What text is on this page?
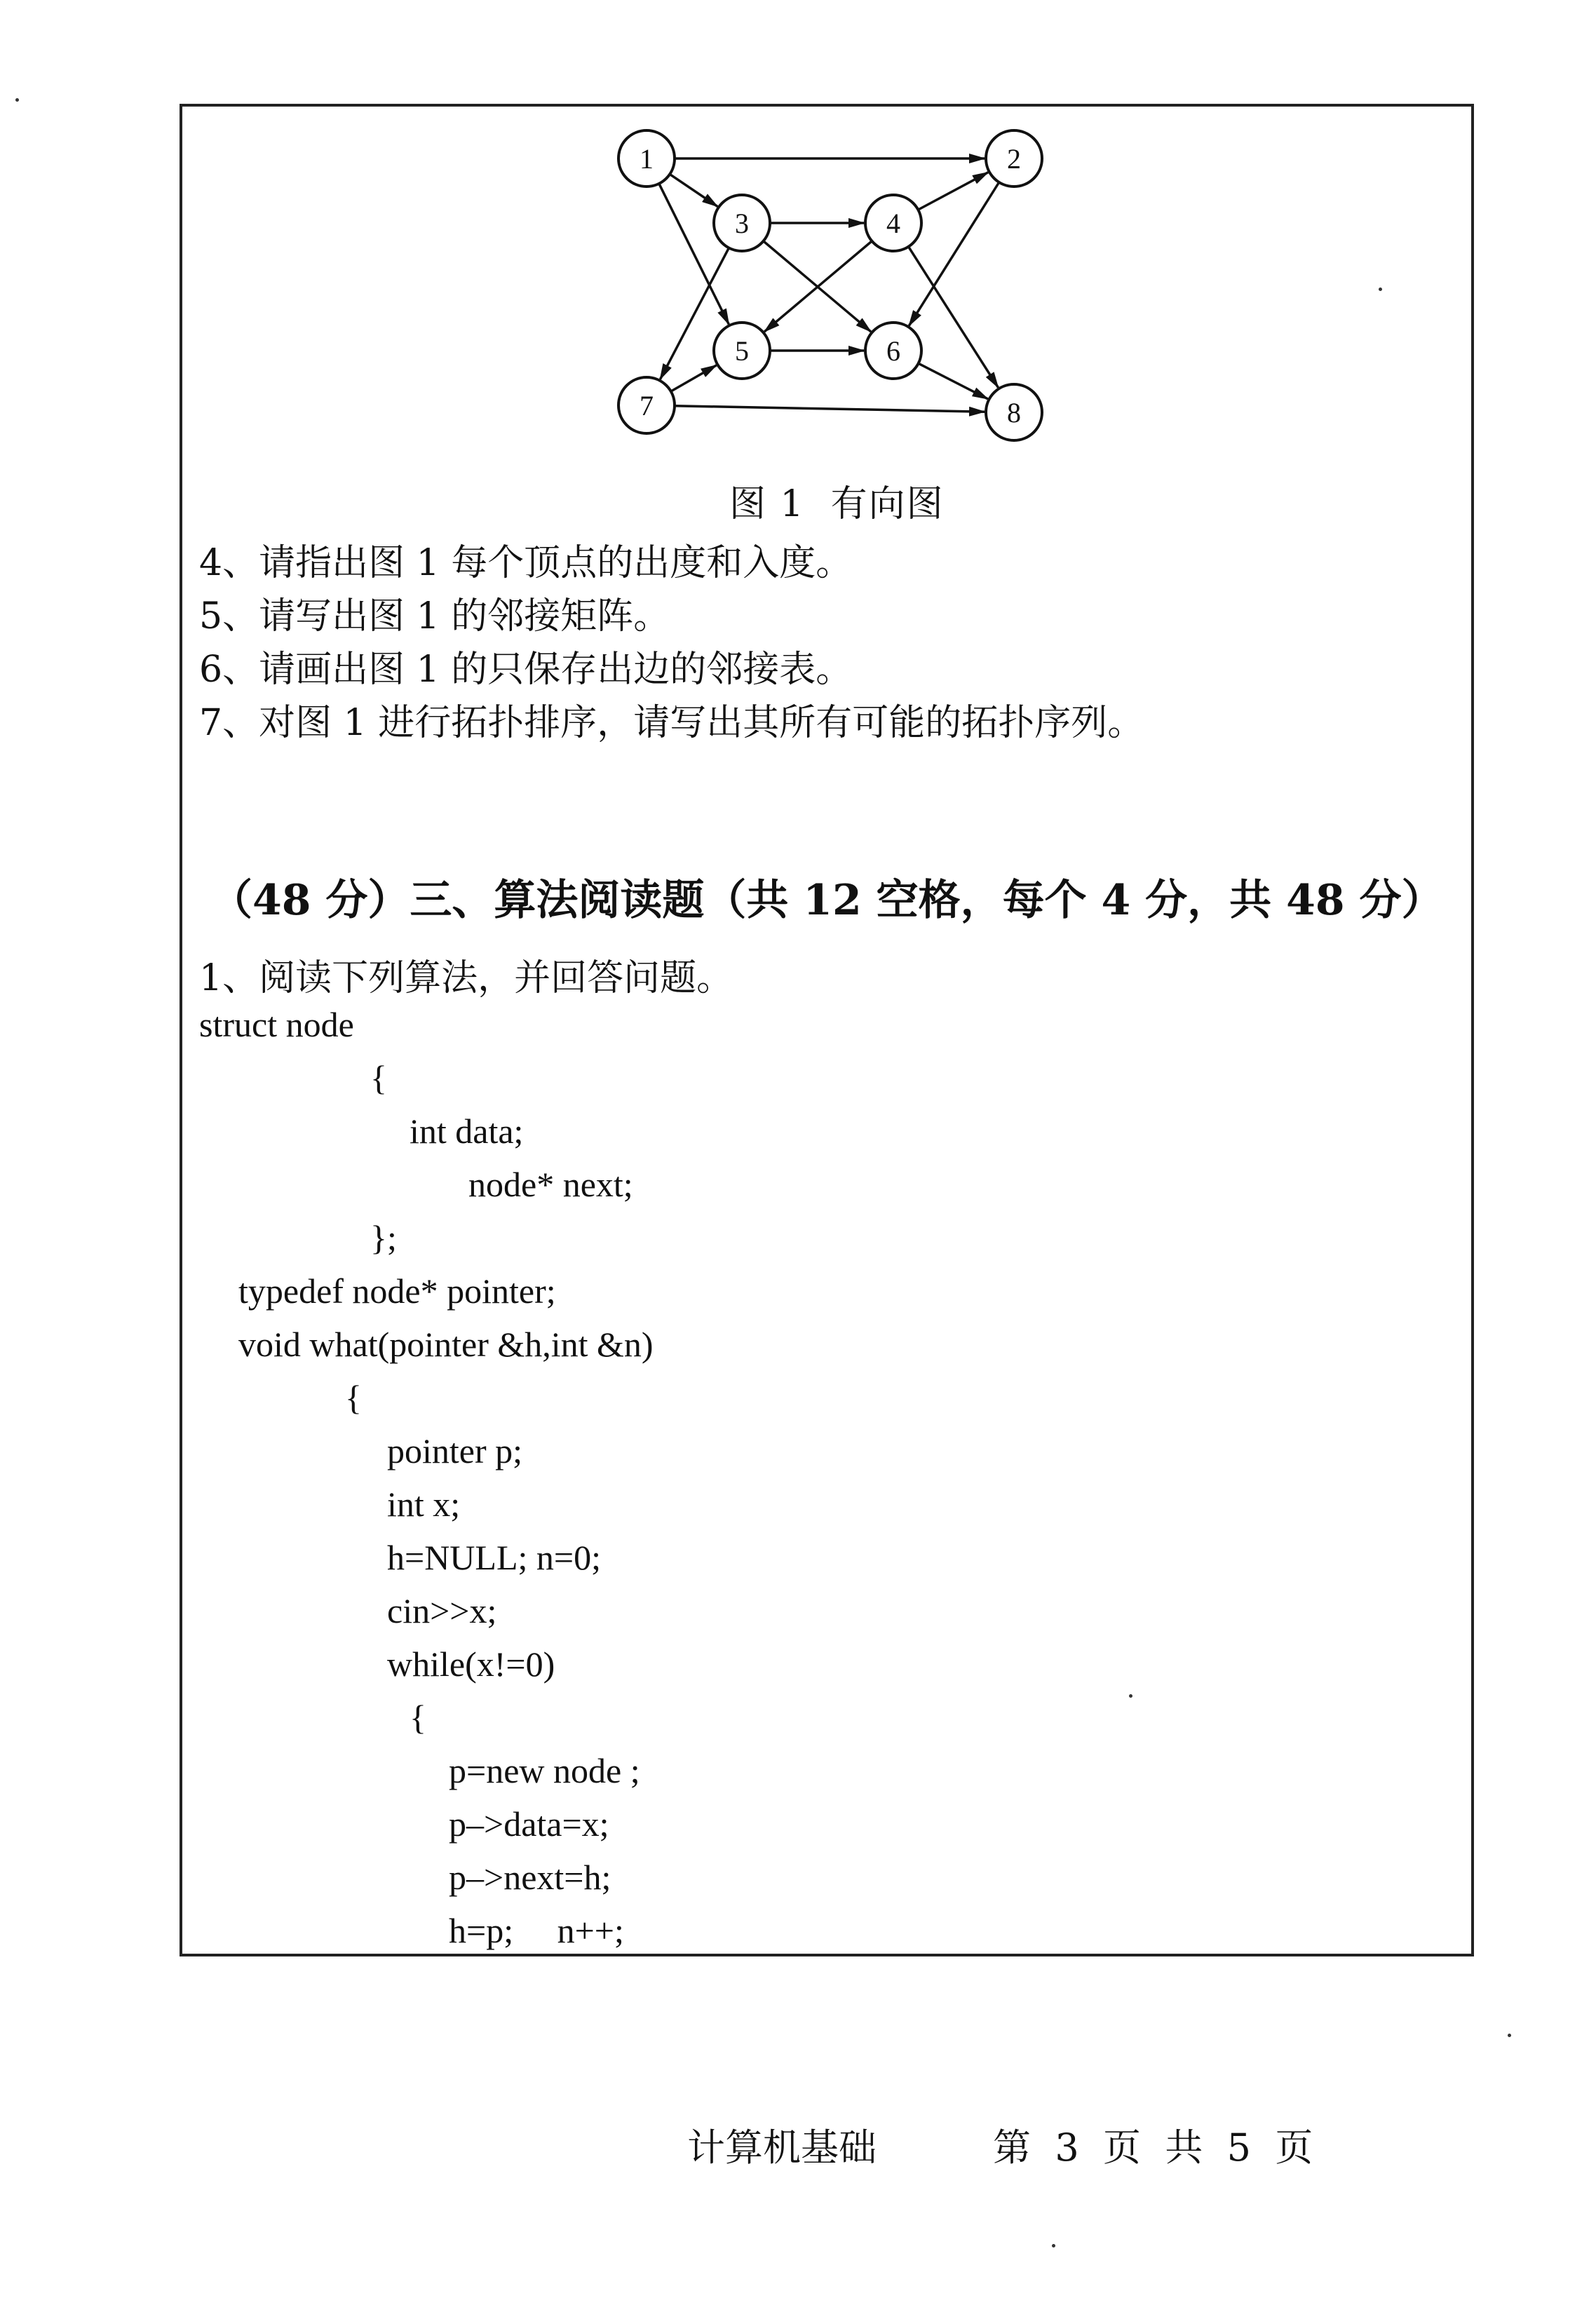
1	2
3	4
5	6
7	8
图 1  有向图
4、请指出图 1 每个顶点的出度和入度。
5、请写出图 1 的邻接矩阵。
6、请画出图 1 的只保存出边的邻接表。
7、对图 1 进行拓扑排序，请写出其所有可能的拓扑序列。
（48 分）三、算法阅读题（共 12 空格，每个 4 分，共 48 分）
1、阅读下列算法，并回答问题。
struct node
{
int data;
node* next;
};
typedef node* pointer;
void what(pointer &h,int &n)
{
pointer p;
int x;
h=NULL; n=0;
cin>>x;
while(x!=0)
{
p=new node ;
p–>data=x;
p–>next=h;
h=p;     n++;
计算机基础	第  3  页  共  5  页
